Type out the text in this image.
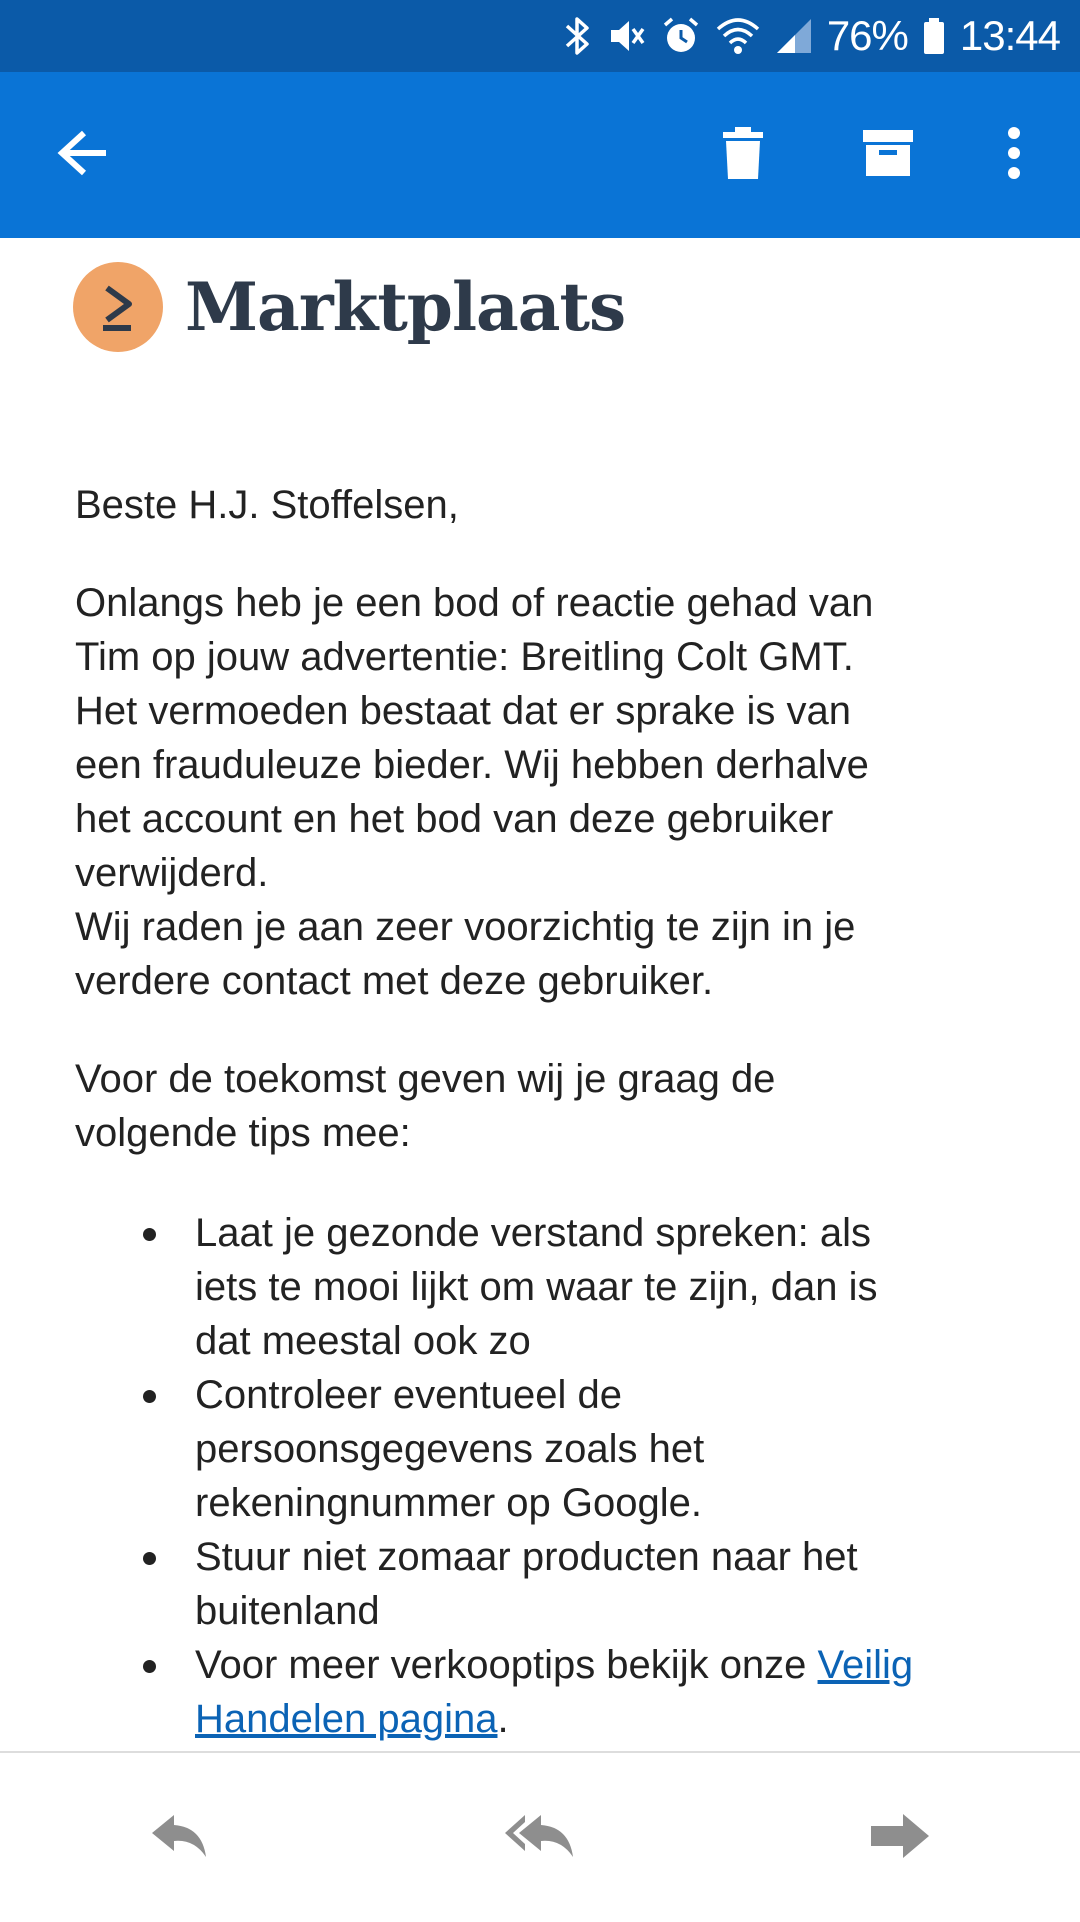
76% 13:44
Marktplaats

Beste H.J. Stoffelsen,

Onlangs heb je een bod of reactie gehad van
Tim op jouw advertentie: Breitling Colt GMT.
Het vermoeden bestaat dat er sprake is van
een frauduleuze bieder. Wij hebben derhalve
het account en het bod van deze gebruiker
verwijderd.
Wij raden je aan zeer voorzichtig te zijn in je
verdere contact met deze gebruiker.

Voor de toekomst geven wij je graag de
volgende tips mee:

Laat je gezonde verstand spreken: als
iets te mooi lijkt om waar te zijn, dan is
dat meestal ook zo
Controleer eventueel de
persoonsgegevens zoals het
rekeningnummer op Google.
Stuur niet zomaar producten naar het
buitenland
Voor meer verkooptips bekijk onze Veilig
Handelen pagina.
